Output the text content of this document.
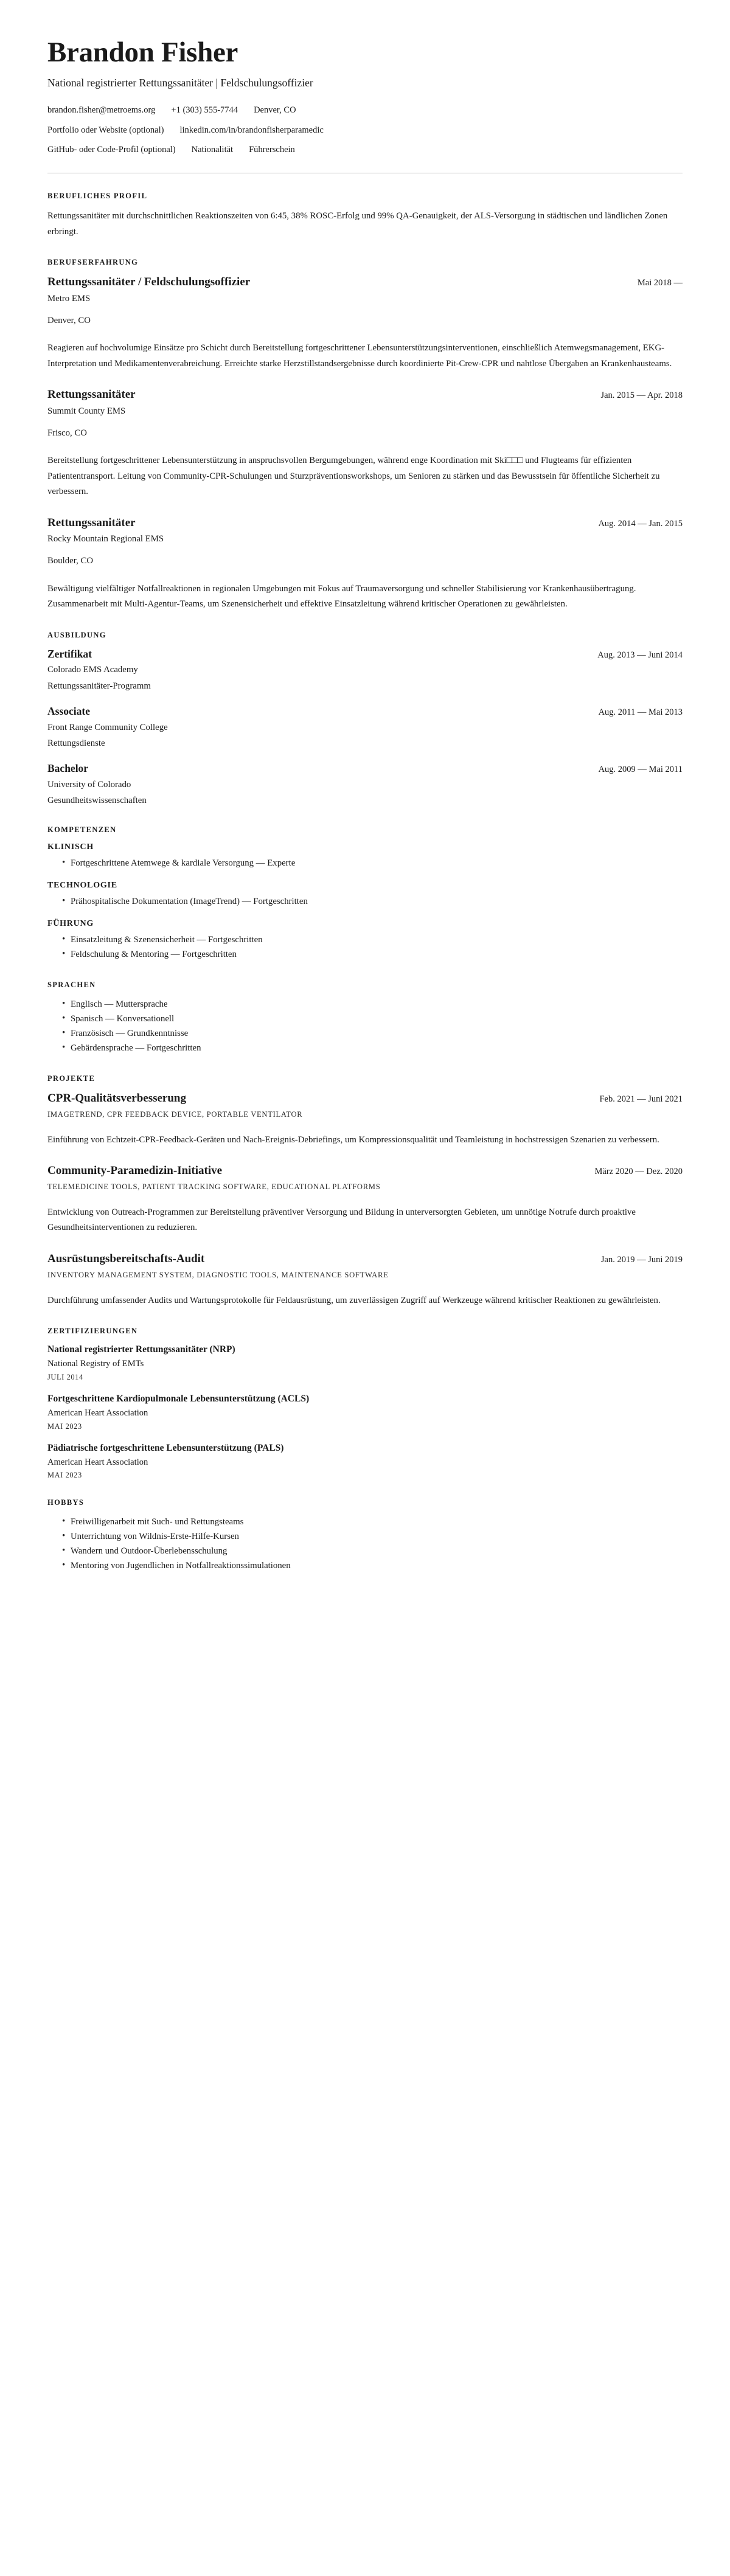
Brandon Fisher
National registrierter Rettungssanitäter | Feldschulungsoffizier
brandon.fisher@metroems.org +1 (303) 555-7744 Denver, CO
Portfolio oder Website (optional) linkedin.com/in/brandonfisherparamedic
GitHub- oder Code-Profil (optional) Nationalität Führerschein
BERUFLICHES PROFIL
Rettungssanitäter mit durchschnittlichen Reaktionszeiten von 6:45, 38% ROSC-Erfolg und 99% QA-Genauigkeit, der ALS-Versorgung in städtischen und ländlichen Zonen erbringt.
BERUFSERFAHRUNG
Rettungssanitäter / Feldschulungsoffizier	Mai 2018 —
Metro EMS
Denver, CO
Reagieren auf hochvolumige Einsätze pro Schicht durch Bereitstellung fortgeschrittener Lebensunterstützungsinterventionen, einschließlich Atemwegsmanagement, EKG-Interpretation und Medikamentenverabreichung. Erreichte starke Herzstillstandsergebnisse durch koordinierte Pit-Crew-CPR und nahtlose Übergaben an Krankenhausteams.
Rettungssanitäter	Jan. 2015 — Apr. 2018
Summit County EMS
Frisco, CO
Bereitstellung fortgeschrittener Lebensunterstützung in anspruchsvollen Bergumgebungen, während enge Koordination mit Ski□□□ und Flugteams für effizienten Patiententransport. Leitung von Community-CPR-Schulungen und Sturzpräventionsworkshops, um Senioren zu stärken und das Bewusstsein für öffentliche Sicherheit zu verbessern.
Rettungssanitäter	Aug. 2014 — Jan. 2015
Rocky Mountain Regional EMS
Boulder, CO
Bewältigung vielfältiger Notfallreaktionen in regionalen Umgebungen mit Fokus auf Traumaversorgung und schneller Stabilisierung vor Krankenhausübertragung. Zusammenarbeit mit Multi-Agentur-Teams, um Szenensicherheit und effektive Einsatzleitung während kritischer Operationen zu gewährleisten.
AUSBILDUNG
Zertifikat	Aug. 2013 — Juni 2014
Colorado EMS Academy
Rettungssanitäter-Programm
Associate	Aug. 2011 — Mai 2013
Front Range Community College
Rettungsdienste
Bachelor	Aug. 2009 — Mai 2011
University of Colorado
Gesundheitswissenschaften
KOMPETENZEN
KLINISCH
• Fortgeschrittene Atemwege & kardiale Versorgung — Experte
TECHNOLOGIE
• Prähospitalische Dokumentation (ImageTrend) — Fortgeschritten
FÜHRUNG
• Einsatzleitung & Szenensicherheit — Fortgeschritten
• Feldschulung & Mentoring — Fortgeschritten
SPRACHEN
• Englisch — Muttersprache
• Spanisch — Konversationell
• Französisch — Grundkenntnisse
• Gebärdensprache — Fortgeschritten
PROJEKTE
CPR-Qualitätsverbesserung	Feb. 2021 — Juni 2021
IMAGETREND, CPR FEEDBACK DEVICE, PORTABLE VENTILATOR
Einführung von Echtzeit-CPR-Feedback-Geräten und Nach-Ereignis-Debriefings, um Kompressionsqualität und Teamleistung in hochstressigen Szenarien zu verbessern.
Community-Paramedizin-Initiative	März 2020 — Dez. 2020
TELEMEDICINE TOOLS, PATIENT TRACKING SOFTWARE, EDUCATIONAL PLATFORMS
Entwicklung von Outreach-Programmen zur Bereitstellung präventiver Versorgung und Bildung in unterversorgten Gebieten, um unnötige Notrufe durch proaktive Gesundheitsinterventionen zu reduzieren.
Ausrüstungsbereitschafts-Audit	Jan. 2019 — Juni 2019
INVENTORY MANAGEMENT SYSTEM, DIAGNOSTIC TOOLS, MAINTENANCE SOFTWARE
Durchführung umfassender Audits und Wartungsprotokolle für Feldausrüstung, um zuverlässigen Zugriff auf Werkzeuge während kritischer Reaktionen zu gewährleisten.
ZERTIFIZIERUNGEN
National registrierter Rettungssanitäter (NRP)
National Registry of EMTs
JULI 2014
Fortgeschrittene Kardiopulmonale Lebensunterstützung (ACLS)
American Heart Association
MAI 2023
Pädiatrische fortgeschrittene Lebensunterstützung (PALS)
American Heart Association
MAI 2023
HOBBYS
• Freiwilligenarbeit mit Such- und Rettungsteams
• Unterrichtung von Wildnis-Erste-Hilfe-Kursen
• Wandern und Outdoor-Überlebensschulung
• Mentoring von Jugendlichen in Notfallreaktionssimulationen
